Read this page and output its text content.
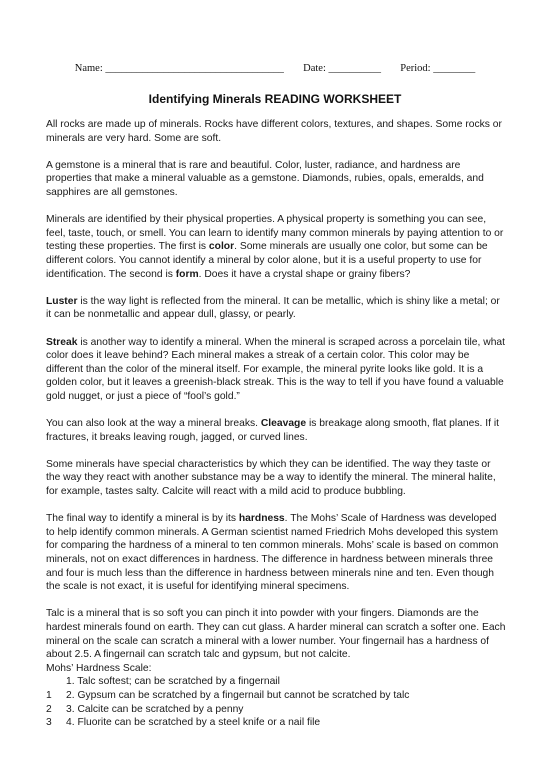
Name: __________________________________ Date: __________ Period: ________
Identifying Minerals READING WORKSHEET

All rocks are made up of minerals. Rocks have different colors, textures, and shapes. Some rocks or minerals are very hard. Some are soft.

A gemstone is a mineral that is rare and beautiful. Color, luster, radiance, and hardness are properties that make a mineral valuable as a gemstone. Diamonds, rubies, opals, emeralds, and sapphires are all gemstones.

Minerals are identified by their physical properties. A physical property is something you can see, feel, taste, touch, or smell. You can learn to identify many common minerals by paying attention to or testing these properties. The first is color. Some minerals are usually one color, but some can be different colors. You cannot identify a mineral by color alone, but it is a useful property to use for identification. The second is form. Does it have a crystal shape or grainy fibers?

Luster is the way light is reflected from the mineral. It can be metallic, which is shiny like a metal; or it can be nonmetallic and appear dull, glassy, or pearly.

Streak is another way to identify a mineral. When the mineral is scraped across a porcelain tile, what color does it leave behind? Each mineral makes a streak of a certain color. This color may be different than the color of the mineral itself. For example, the mineral pyrite looks like gold. It is a golden color, but it leaves a greenish-black streak. This is the way to tell if you have found a valuable gold nugget, or just a piece of “fool’s gold.”

You can also look at the way a mineral breaks. Cleavage is breakage along smooth, flat planes. If it fractures, it breaks leaving rough, jagged, or curved lines.

Some minerals have special characteristics by which they can be identified. The way they taste or the way they react with another substance may be a way to identify the mineral. The mineral halite, for example, tastes salty. Calcite will react with a mild acid to produce bubbling.

The final way to identify a mineral is by its hardness. The Mohs’ Scale of Hardness was developed to help identify common minerals. A German scientist named Friedrich Mohs developed this system for comparing the hardness of a mineral to ten common minerals. Mohs’ scale is based on common minerals, not on exact differences in hardness. The difference in hardness between minerals three and four is much less than the difference in hardness between minerals nine and ten. Even though the scale is not exact, it is useful for identifying mineral specimens.

Talc is a mineral that is so soft you can pinch it into powder with your fingers. Diamonds are the hardest minerals found on earth. They can cut glass. A harder mineral can scratch a softer one. Each mineral on the scale can scratch a mineral with a lower number. Your fingernail has a hardness of about 2.5. A fingernail can scratch talc and gypsum, but not calcite.

Mohs’ Hardness Scale:
1. Talc softest; can be scratched by a fingernail
1	2. Gypsum can be scratched by a fingernail but cannot be scratched by talc
2	3. Calcite can be scratched by a penny
3	4. Fluorite can be scratched by a steel knife or a nail file
